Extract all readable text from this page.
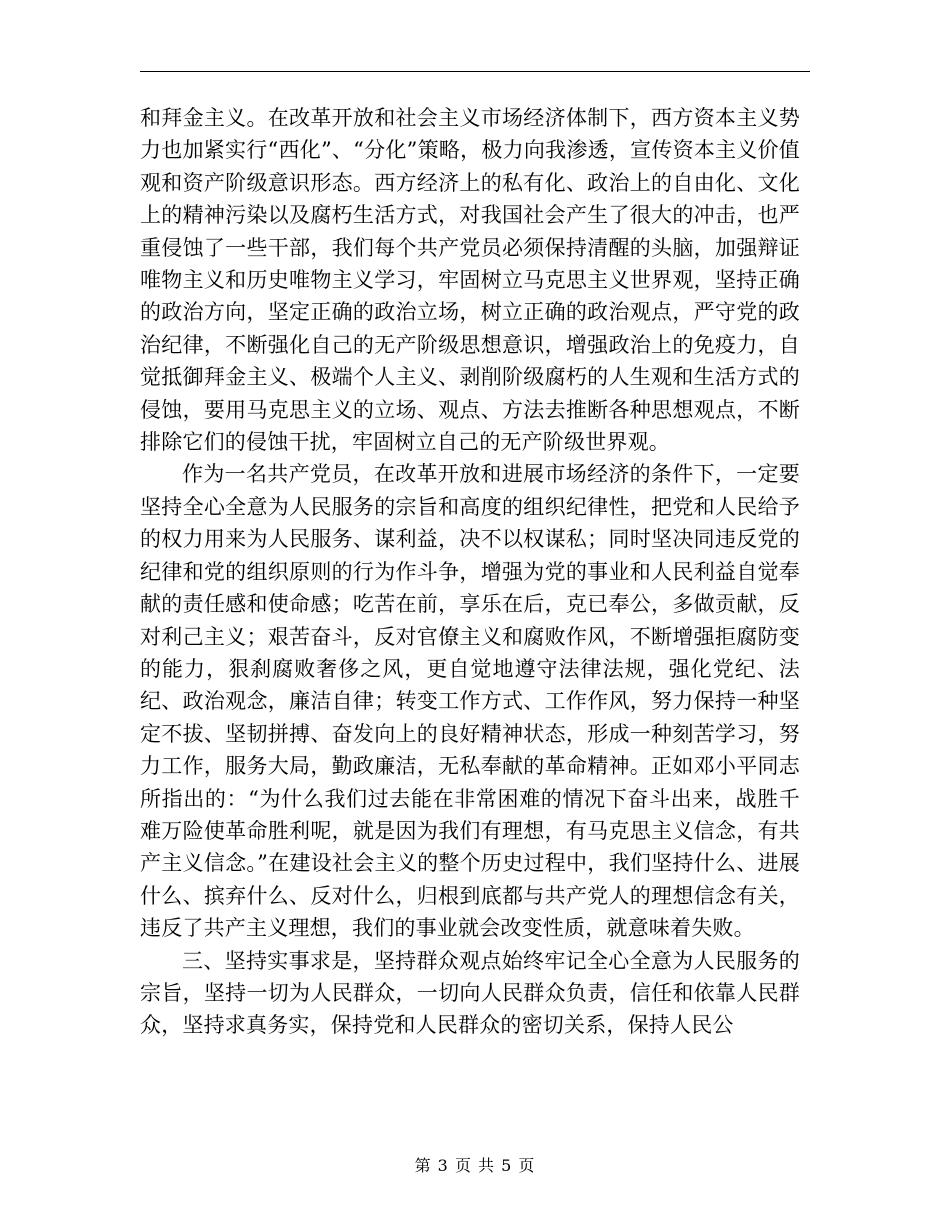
和拜金主义。在改革开放和社会主义市场经济体制下，西方资本主义势力也加紧实行“西化”、“分化”策略，极力向我渗透，宣传资本主义价值观和资产阶级意识形态。西方经济上的私有化、政治上的自由化、文化上的精神污染以及腐朽生活方式，对我国社会产生了很大的冲击，也严重侵蚀了一些干部，我们每个共产党员必须保持清醒的头脑，加强辩证唯物主义和历史唯物主义学习，牢固树立马克思主义世界观，坚持正确的政治方向，坚定正确的政治立场，树立正确的政治观点，严守党的政治纪律，不断强化自己的无产阶级思想意识，增强政治上的免疫力，自觉抵御拜金主义、极端个人主义、剥削阶级腐朽的人生观和生活方式的侵蚀，要用马克思主义的立场、观点、方法去推断各种思想观点，不断排除它们的侵蚀干扰，牢固树立自己的无产阶级世界观。

作为一名共产党员，在改革开放和进展市场经济的条件下，一定要坚持全心全意为人民服务的宗旨和高度的组织纪律性，把党和人民给予的权力用来为人民服务、谋利益，决不以权谋私；同时坚决同违反党的纪律和党的组织原则的行为作斗争，增强为党的事业和人民利益自觉奉献的责任感和使命感；吃苦在前，享乐在后，克已奉公，多做贡献，反对利己主义；艰苦奋斗，反对官僚主义和腐败作风，不断增强拒腐防变的能力，狠刹腐败奢侈之风，更自觉地遵守法律法规，强化党纪、法纪、政治观念，廉洁自律；转变工作方式、工作作风，努力保持一种坚定不拔、坚韧拼搏、奋发向上的良好精神状态，形成一种刻苦学习，努力工作，服务大局，勤政廉洁，无私奉献的革命精神。正如邓小平同志所指出的：“为什么我们过去能在非常困难的情况下奋斗出来，战胜千难万险使革命胜利呢，就是因为我们有理想，有马克思主义信念，有共产主义信念。”在建设社会主义的整个历史过程中，我们坚持什么、进展什么、摈弃什么、反对什么，归根到底都与共产党人的理想信念有关，违反了共产主义理想，我们的事业就会改变性质，就意味着失败。

三、坚持实事求是，坚持群众观点始终牢记全心全意为人民服务的宗旨，坚持一切为人民群众，一切向人民群众负责，信任和依靠人民群众，坚持求真务实，保持党和人民群众的密切关系，保持人民公

第 3 页 共 5 页
